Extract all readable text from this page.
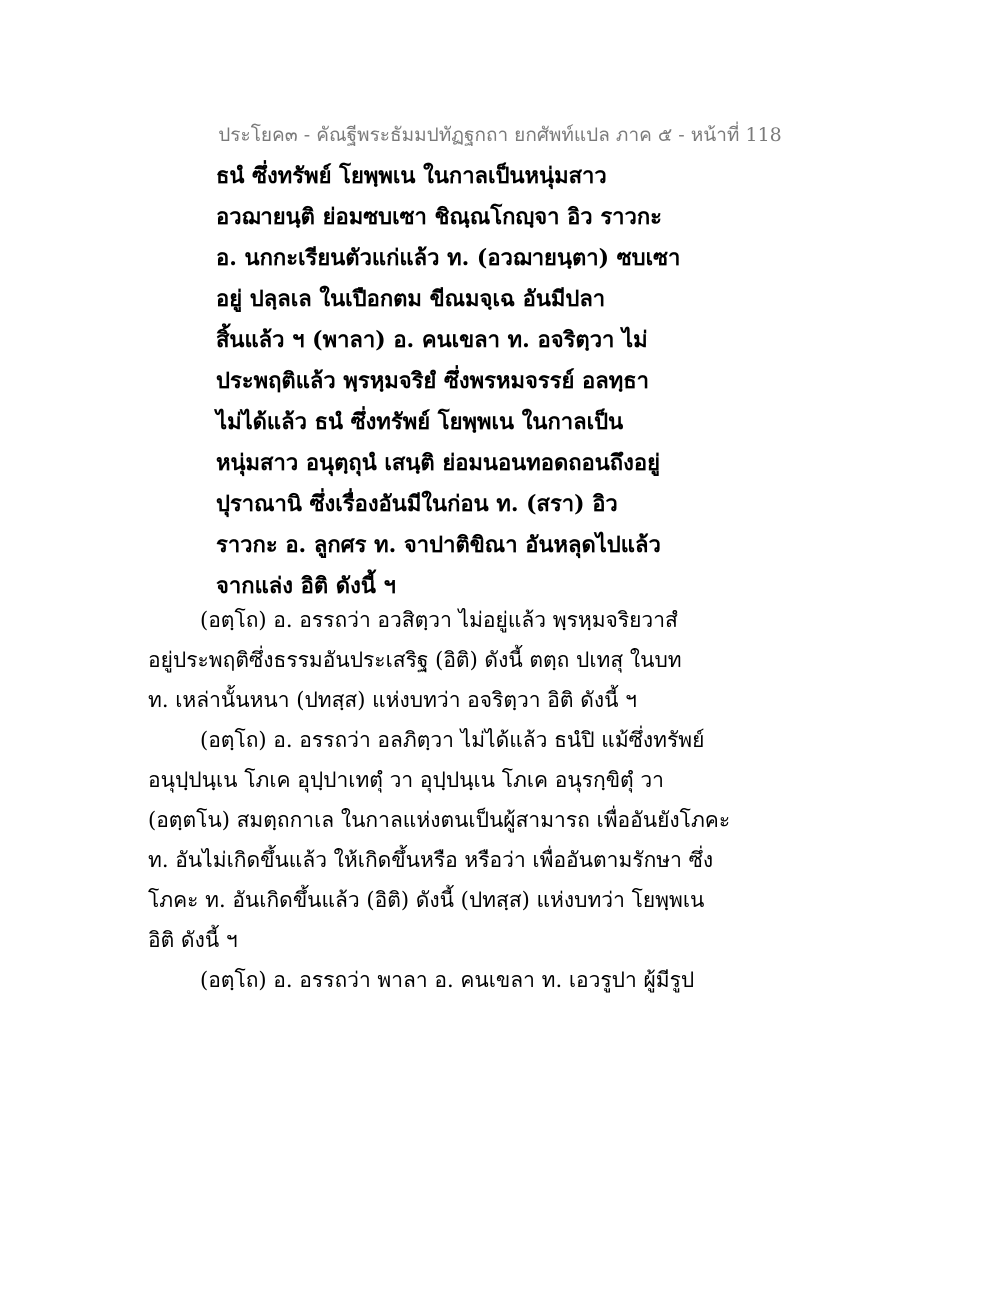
ประโยค๓ - คัณฐีพระธัมมปทัฏฐกถา ยกศัพท์แปล ภาค ๕ - หน้าที่ 118
ธนํ ซึ่งทรัพย์ โยพฺพเน ในกาลเป็นหนุ่มสาว
อวฌายนฺติ ย่อมซบเซา ชิณฺณโกญฺจา อิว ราวกะ
อ. นกกะเรียนตัวแก่แล้ว ท. (อวฌายนฺตา) ซบเซา
อยู่ ปลฺลเล ในเปือกตม ขีณมจฺเฉ อันมีปลา
สิ้นแล้ว ฯ (พาลา) อ. คนเขลา ท. อจริตฺวา ไม่
ประพฤติแล้ว พฺรหฺมจริยํ ซึ่งพรหมจรรย์ อลทฺธา
ไม่ได้แล้ว ธนํ ซึ่งทรัพย์ โยพฺพเน ในกาลเป็น
หนุ่มสาว อนุตฺถุนํ เสนฺติ ย่อมนอนทอดถอนถึงอยู่
ปุราณานิ ซึ่งเรื่องอันมีในก่อน ท. (สรา) อิว
ราวกะ อ. ลูกศร ท. จาปาติขิณา อันหลุดไปแล้ว
จากแล่ง อิติ ดังนี้ ฯ
(อตฺโถ) อ. อรรถว่า อวสิตฺวา ไม่อยู่แล้ว พฺรหฺมจริยวาสํ
อยู่ประพฤติซึ่งธรรมอันประเสริฐ (อิติ) ดังนี้ ตตฺถ ปเทสุ ในบท
ท. เหล่านั้นหนา (ปทสฺส) แห่งบทว่า อจริตฺวา อิติ ดังนี้ ฯ
(อตฺโถ) อ. อรรถว่า อลภิตฺวา ไม่ได้แล้ว ธนํปิ แม้ซึ่งทรัพย์
อนุปฺปนฺเน โภเค อุปฺปาเทตุํ วา อุปฺปนฺเน โภเค อนุรกฺขิตุํ วา
(อตฺตโน) สมตฺถกาเล ในกาลแห่งตนเป็นผู้สามารถ เพื่ออันยังโภคะ
ท. อันไม่เกิดขึ้นแล้ว ให้เกิดขึ้นหรือ หรือว่า เพื่ออันตามรักษา ซึ่ง
โภคะ ท. อันเกิดขึ้นแล้ว (อิติ) ดังนี้ (ปทสฺส) แห่งบทว่า โยพฺพเน
อิติ ดังนี้ ฯ
(อตฺโถ) อ. อรรถว่า พาลา อ. คนเขลา ท. เอวรูปา ผู้มีรูป
